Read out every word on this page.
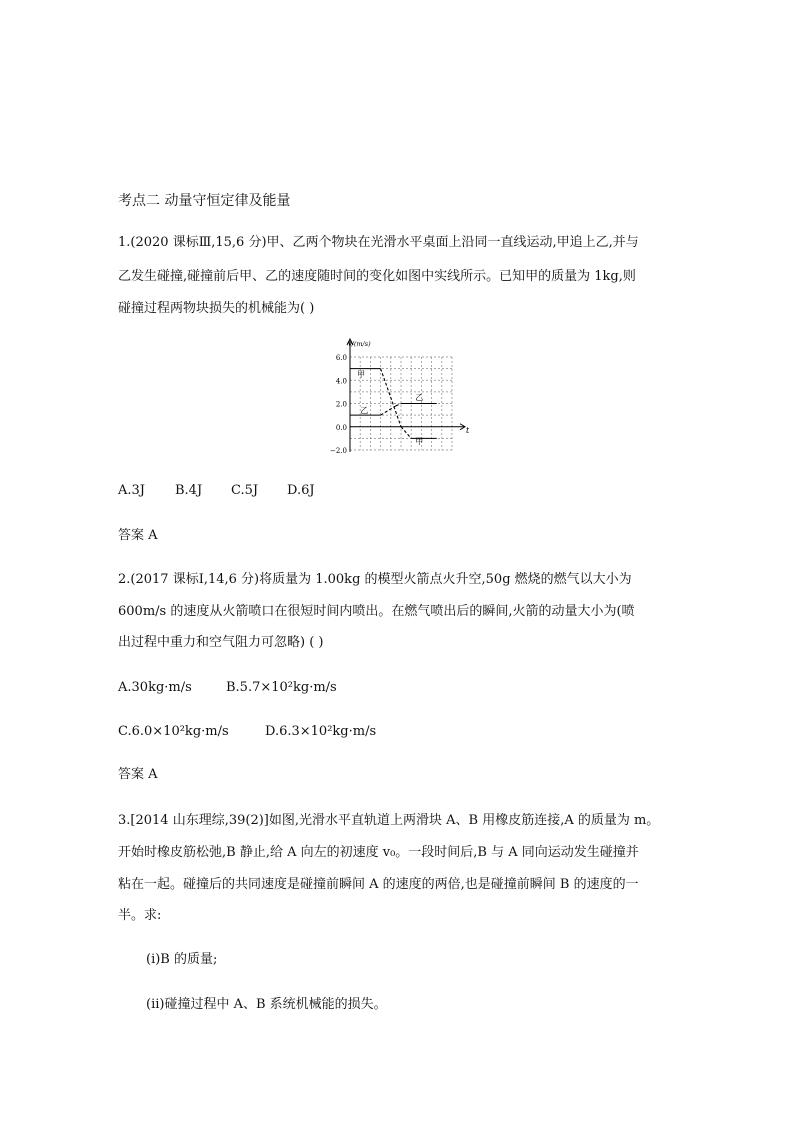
考点二 动量守恒定律及能量
1.(2020 课标Ⅲ,15,6 分)甲、乙两个物块在光滑水平桌面上沿同一直线运动,甲追上乙,并与
乙发生碰撞,碰撞前后甲、乙的速度随时间的变化如图中实线所示。已知甲的质量为 1kg,则
碰撞过程两物块损失的机械能为( )
v/(m/s)
t
6.0
4.0
2.0
0.0
−2.0
甲
乙
乙
甲
A.3J B.4J C.5J D.6J
答案 A
2.(2017 课标Ⅰ,14,6 分)将质量为 1.00kg 的模型火箭点火升空,50g 燃烧的燃气以大小为
600m/s 的速度从火箭喷口在很短时间内喷出。在燃气喷出后的瞬间,火箭的动量大小为(喷
出过程中重力和空气阻力可忽略) ( )
A.30kg·m/s	B.5.7×10²kg·m/s
C.6.0×10²kg·m/s	D.6.3×10²kg·m/s
答案 A
3.[2014 山东理综,39(2)]如图,光滑水平直轨道上两滑块 A、B 用橡皮筋连接,A 的质量为 m。
开始时橡皮筋松弛,B 静止,给 A 向左的初速度 v₀。一段时间后,B 与 A 同向运动发生碰撞并
粘在一起。碰撞后的共同速度是碰撞前瞬间 A 的速度的两倍,也是碰撞前瞬间 B 的速度的一
半。求:
(ⅰ)B 的质量;
(ⅱ)碰撞过程中 A、B 系统机械能的损失。
